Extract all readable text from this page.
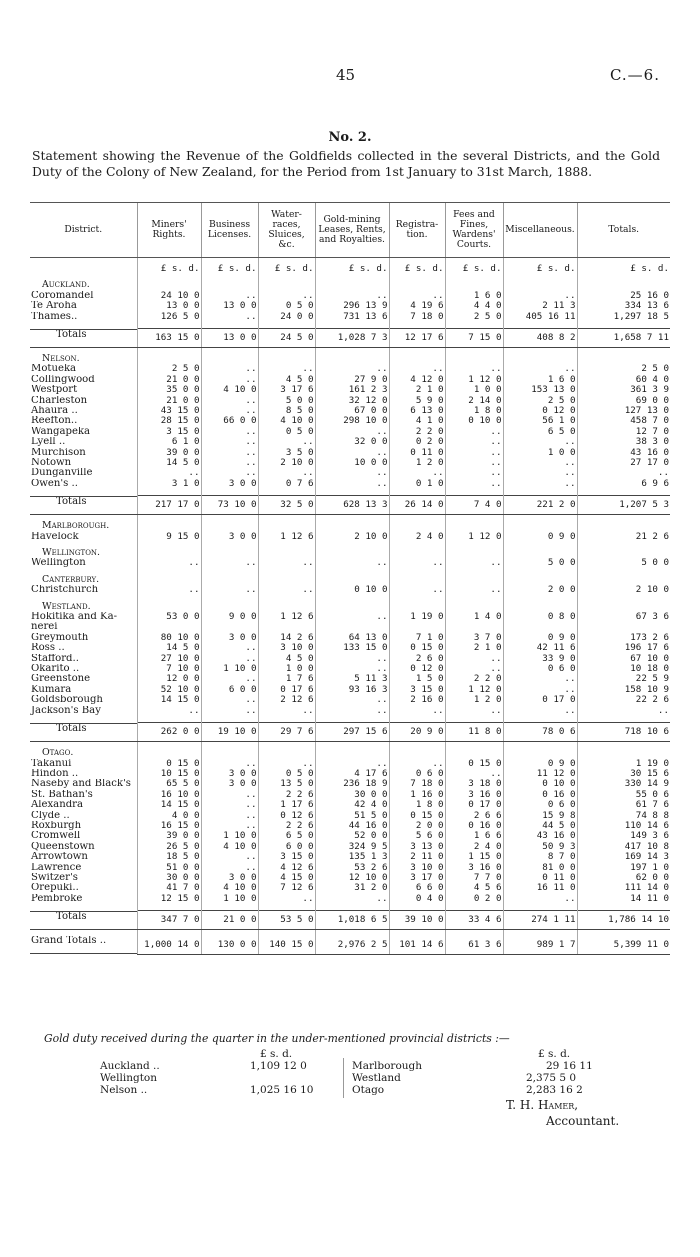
45	C.—6.
No. 2.
Statement showing the Revenue of the Goldfields collected in the several Districts, and the Gold Duty of the Colony of New Zealand, for the Period from 1st January to 31st March, 1888.
District.	Miners' Rights.	Business Licenses.	Water-races, Sluices, &c.	Gold-mining Leases, Rents, and Royalties.	Registra-tion.	Fees and Fines, Wardens' Courts.	Miscellaneous.	Totals.

	£ s. d.	£ s. d.	£ s. d.	£ s. d.	£ s. d.	£ s. d.	£ s. d.	£ s. d.

Auckland.

Coromandel	24 10 0	..	..	..	..	1 6 0	..	25 16 0

Te Aroha	13 0 0	13 0 0	0 5 0	296 13 9	4 19 6	4 4 0	2 11 3	334 13 6

Thames..	126 5 0	..	24 0 0	731 13 6	7 18 0	2 5 0	405 16 11	1,297 18 5

Totals	163 15 0	13 0 0	24 5 0	1,028 7 3	12 17 6	7 15 0	408 8 2	1,658 7 11

Nelson.

Motueka	2 5 0	..	..	..	..	..	..	2 5 0

Collingwood	21 0 0	..	4 5 0	27 9 0	4 12 0	1 12 0	1 6 0	60 4 0

Westport	35 0 0	4 10 0	3 17 6	161 2 3	2 1 0	1 0 0	153 13 0	361 3 9

Charleston	21 0 0	..	5 0 0	32 12 0	5 9 0	2 14 0	2 5 0	69 0 0

Ahaura ..	43 15 0	..	8 5 0	67 0 0	6 13 0	1 8 0	0 12 0	127 13 0

Reefton..	28 15 0	66 0 0	4 10 0	298 10 0	4 1 0	0 10 0	56 1 0	458 7 0

Wangapeka	3 15 0	..	0 5 0	..	2 2 0	..	6 5 0	12 7 0

Lyell ..	6 1 0	..	..	32 0 0	0 2 0	..	..	38 3 0

Murchison	39 0 0	..	3 5 0	..	0 11 0	..	1 0 0	43 16 0

Notown	14 5 0	..	2 10 0	10 0 0	1 2 0	..	..	27 17 0

Dunganville	..	..	..	..	..	..	..	..

Owen's ..	3 1 0	3 0 0	0 7 6	..	0 1 0	..	..	6 9 6

Totals	217 17 0	73 10 0	32 5 0	628 13 3	26 14 0	7 4 0	221 2 0	1,207 5 3

Marlborough.

Havelock	9 15 0	3 0 0	1 12 6	2 10 0	2 4 0	1 12 0	0 9 0	21 2 6

Wellington.

Wellington	..	..	..	..	..	..	5 0 0	5 0 0

Canterbury.

Christchurch	..	..	..	0 10 0	..	..	2 0 0	2 10 0

Westland.

Hokitika and Ka-	53 0 0	9 0 0	1 12 6	..	1 19 0	1 4 0	0 8 0	67 3 6

nerei

Greymouth	80 10 0	3 0 0	14 2 6	64 13 0	7 1 0	3 7 0	0 9 0	173 2 6

Ross ..	14 5 0	..	3 10 0	133 15 0	0 15 0	2 1 0	42 11 6	196 17 6

Stafford..	27 10 0	..	4 5 0	..	2 6 0	..	33 9 0	67 10 0

Okarito ..	7 10 0	1 10 0	1 0 0	..	0 12 0	..	0 6 0	10 18 0

Greenstone	12 0 0	..	1 7 6	5 11 3	1 5 0	2 2 0	..	22 5 9

Kumara	52 10 0	6 0 0	0 17 6	93 16 3	3 15 0	1 12 0	..	158 10 9

Goldsborough	14 15 0	..	2 12 6	..	2 16 0	1 2 0	0 17 0	22 2 6

Jackson's Bay	..	..	..	..	..	..	..	..

Totals	262 0 0	19 10 0	29 7 6	297 15 6	20 9 0	11 8 0	78 0 6	718 10 6

Otago.

Takanui	0 15 0	..	..	..	..	0 15 0	0 9 0	1 19 0

Hindon ..	10 15 0	3 0 0	0 5 0	4 17 6	0 6 0	..	11 12 0	30 15 6

Naseby and Black's	65 5 0	3 0 0	13 5 0	236 18 9	7 18 0	3 18 0	0 10 0	330 14 9

St. Bathan's	16 10 0	..	2 2 6	30 0 0	1 16 0	3 16 0	0 16 0	55 0 6

Alexandra	14 15 0	..	1 17 6	42 4 0	1 8 0	0 17 0	0 6 0	61 7 6

Clyde ..	4 0 0	..	0 12 6	51 5 0	0 15 0	2 6 6	15 9 8	74 8 8

Roxburgh	16 15 0	..	2 2 6	44 16 0	2 0 0	0 16 0	44 5 0	110 14 6

Cromwell	39 0 0	1 10 0	6 5 0	52 0 0	5 6 0	1 6 6	43 16 0	149 3 6

Queenstown	26 5 0	4 10 0	6 0 0	324 9 5	3 13 0	2 4 0	50 9 3	417 10 8

Arrowtown	18 5 0	..	3 15 0	135 1 3	2 11 0	1 15 0	8 7 0	169 14 3

Lawrence	51 0 0	..	4 12 6	53 2 6	3 10 0	3 16 0	81 0 0	197 1 0

Switzer's	30 0 0	3 0 0	4 15 0	12 10 0	3 17 0	7 7 0	0 11 0	62 0 0

Orepuki..	41 7 0	4 10 0	7 12 6	31 2 0	6 6 0	4 5 6	16 11 0	111 14 0

Pembroke	12 15 0	1 10 0	..	..	0 4 0	0 2 0	..	14 11 0

Totals	347 7 0	21 0 0	53 5 0	1,018 6 5	39 10 0	33 4 6	274 1 11	1,786 14 10

Grand Totals ..	1,000 14 0	130 0 0	140 15 0	2,976 2 5	101 14 6	61 3 6	989 1 7	5,399 11 0
Gold duty received during the quarter in the under-mentioned provincial districts :—
£ s. d.	£ s. d.
Auckland ..	1,109 12 0
Wellington
Nelson ..	1,025 16 10
Marlborough	29 16 11
Westland	2,375 5 0
Otago	2,283 16 2
T. H. Hamer,
Accountant.
